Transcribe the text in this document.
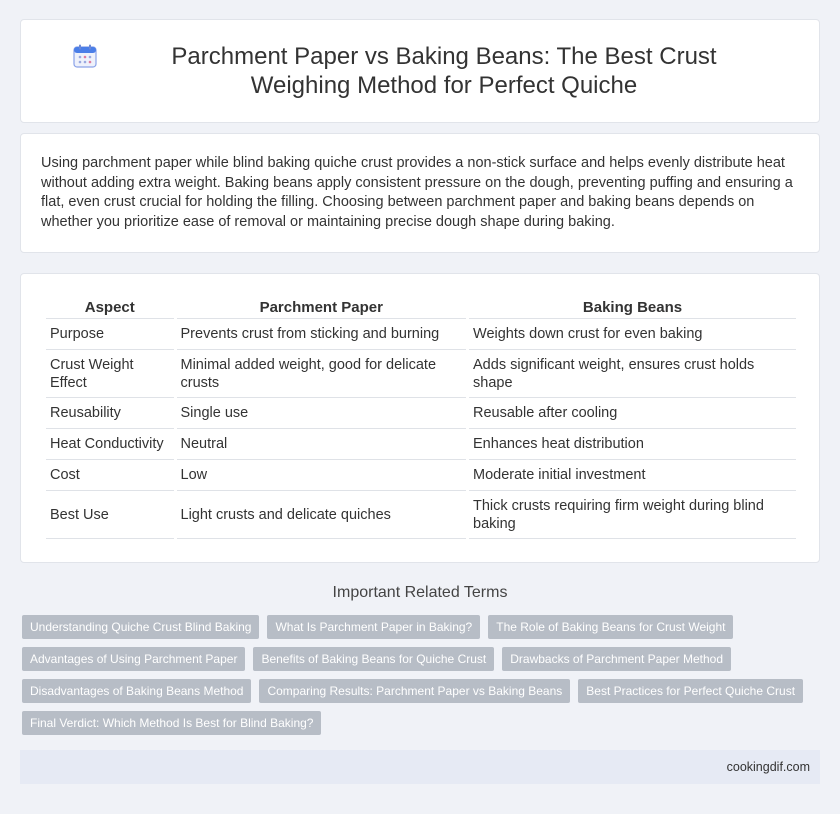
Parchment Paper vs Baking Beans: The Best Crust Weighing Method for Perfect Quiche

Using parchment paper while blind baking quiche crust provides a non-stick surface and helps evenly distribute heat without adding extra weight. Baking beans apply consistent pressure on the dough, preventing puffing and ensuring a flat, even crust crucial for holding the filling. Choosing between parchment paper and baking beans depends on whether you prioritize ease of removal or maintaining precise dough shape during baking.

Aspect	Parchment Paper	Baking Beans
Purpose	Prevents crust from sticking and burning	Weights down crust for even baking
Crust Weight Effect	Minimal added weight, good for delicate crusts	Adds significant weight, ensures crust holds shape
Reusability	Single use	Reusable after cooling
Heat Conductivity	Neutral	Enhances heat distribution
Cost	Low	Moderate initial investment
Best Use	Light crusts and delicate quiches	Thick crusts requiring firm weight during blind baking
Important Related Terms
Understanding Quiche Crust Blind Baking	What Is Parchment Paper in Baking?	The Role of Baking Beans for Crust Weight
Advantages of Using Parchment Paper	Benefits of Baking Beans for Quiche Crust	Drawbacks of Parchment Paper Method
Disadvantages of Baking Beans Method	Comparing Results: Parchment Paper vs Baking Beans	Best Practices for Perfect Quiche Crust
Final Verdict: Which Method Is Best for Blind Baking?
cookingdif.com
